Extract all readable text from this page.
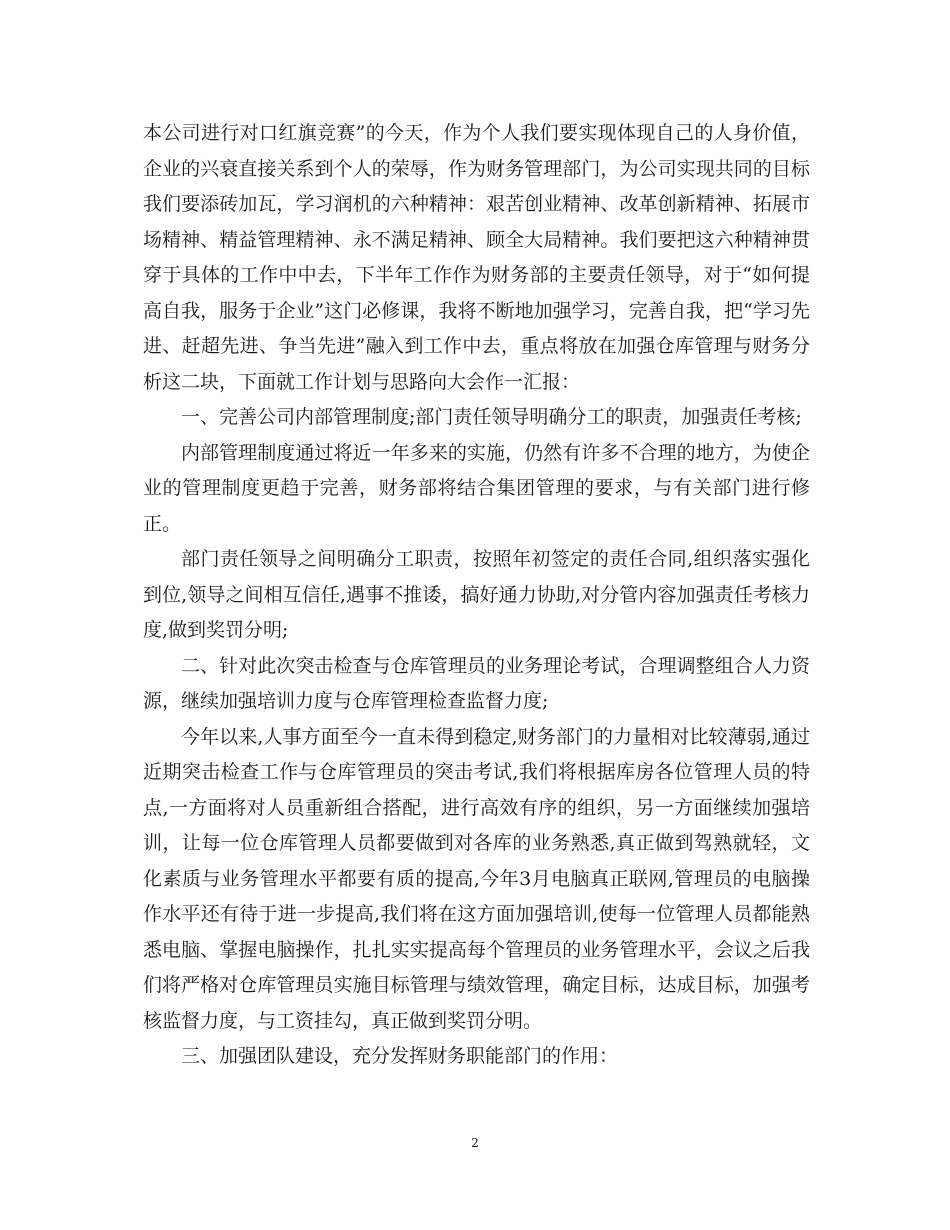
本公司进行对口红旗竞赛”的今天，作为个人我们要实现体现自己的人身价值，企业的兴衰直接关系到个人的荣辱，作为财务管理部门，为公司实现共同的目标我们要添砖加瓦，学习润机的六种精神：艰苦创业精神、改革创新精神、拓展市场精神、精益管理精神、永不满足精神、顾全大局精神。我们要把这六种精神贯穿于具体的工作中中去，下半年工作作为财务部的主要责任领导，对于“如何提高自我，服务于企业”这门必修课，我将不断地加强学习，完善自我，把“学习先进、赶超先进、争当先进”融入到工作中去，重点将放在加强仓库管理与财务分析这二块，下面就工作计划与思路向大会作一汇报：

一、完善公司内部管理制度;部门责任领导明确分工的职责，加强责任考核;

内部管理制度通过将近一年多来的实施，仍然有许多不合理的地方，为使企业的管理制度更趋于完善，财务部将结合集团管理的要求，与有关部门进行修正。

部门责任领导之间明确分工职责，按照年初签定的责任合同,组织落实强化到位,领导之间相互信任,遇事不推诿，搞好通力协助,对分管内容加强责任考核力度,做到奖罚分明;

二、针对此次突击检查与仓库管理员的业务理论考试，合理调整组合人力资源，继续加强培训力度与仓库管理检查监督力度;

今年以来,人事方面至今一直未得到稳定,财务部门的力量相对比较薄弱,通过近期突击检查工作与仓库管理员的突击考试,我们将根据库房各位管理人员的特点,一方面将对人员重新组合搭配，进行高效有序的组织，另一方面继续加强培训，让每一位仓库管理人员都要做到对各库的业务熟悉,真正做到驾熟就轻，文化素质与业务管理水平都要有质的提高,今年3月电脑真正联网,管理员的电脑操作水平还有待于进一步提高,我们将在这方面加强培训,使每一位管理人员都能熟悉电脑、掌握电脑操作，扎扎实实提高每个管理员的业务管理水平，会议之后我们将严格对仓库管理员实施目标管理与绩效管理，确定目标，达成目标，加强考核监督力度，与工资挂勾，真正做到奖罚分明。

三、加强团队建设，充分发挥财务职能部门的作用：

2
